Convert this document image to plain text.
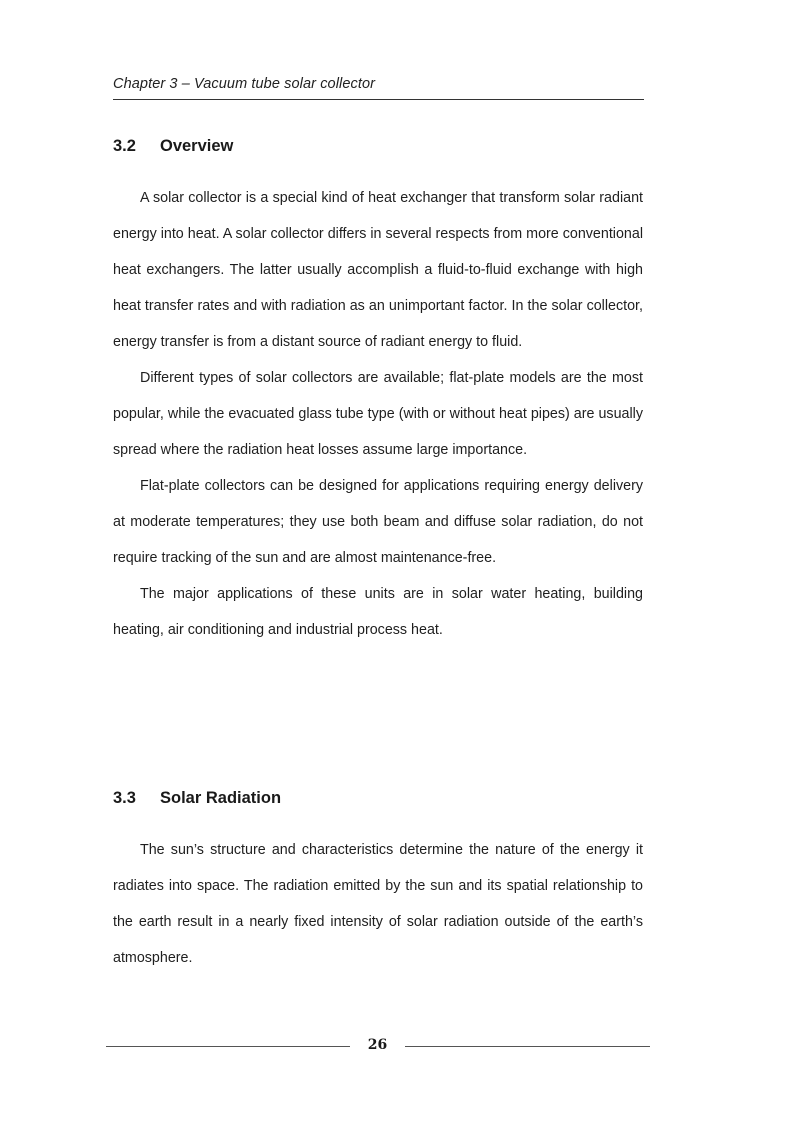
Chapter 3 – Vacuum tube solar collector
3.2	Overview

A solar collector is a special kind of heat exchanger that transform solar radiant energy into heat. A solar collector differs in several respects from more conventional heat exchangers. The latter usually accomplish a fluid-to-fluid exchange with high heat transfer rates and with radiation as an unimportant factor. In the solar collector, energy transfer is from a distant source of radiant energy to fluid.

Different types of solar collectors are available; flat-plate models are the most popular, while the evacuated glass tube type (with or without heat pipes) are usually spread where the radiation heat losses assume large importance.

Flat-plate collectors can be designed for applications requiring energy delivery at moderate temperatures; they use both beam and diffuse solar radiation, do not require tracking of the sun and are almost maintenance-free.

The major applications of these units are in solar water heating, building heating, air conditioning and industrial process heat.

3.3	Solar Radiation

The sun’s structure and characteristics determine the nature of the energy it radiates into space. The radiation emitted by the sun and its spatial relationship to the earth result in a nearly fixed intensity of solar radiation outside of the earth’s atmosphere.

26
